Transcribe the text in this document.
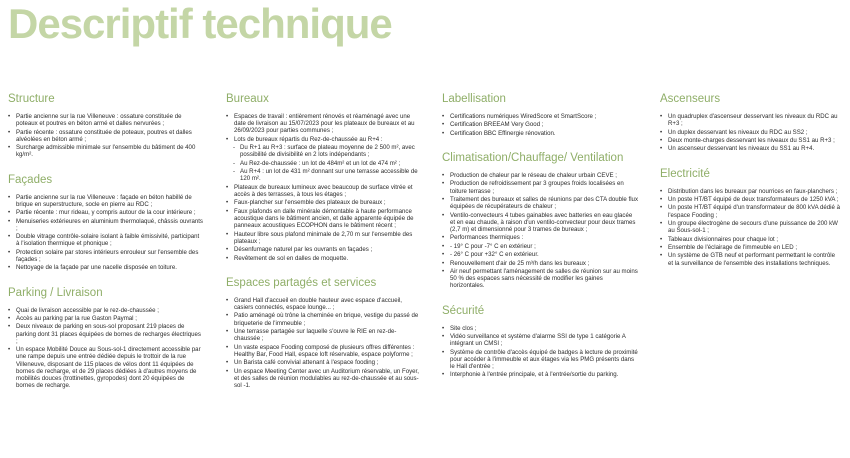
Descriptif technique
Structure
• Partie ancienne sur la rue Villeneuve : ossature constituée de poteaux et poutres en béton armé et dalles nervurées ;
• Partie récente : ossature constituée de poteaux, poutres et dalles alvéolées en béton armé ;
• Surcharge admissible minimale sur l'ensemble du bâtiment de 400 kg/m².
Façades
• Partie ancienne sur la rue Villeneuve : façade en béton habillé de brique en superstructure, socle en pierre au RDC ;
• Partie récente : mur rideau, y compris autour de la cour intérieure ;
• Menuiseries extérieures en aluminium thermolaqué, châssis ouvrants ;
• Double vitrage contrôle-solaire isolant à faible émissivité, participant à l'isolation thermique et phonique ;
• Protection solaire par stores intérieurs enrouleur sur l'ensemble des façades ;
• Nettoyage de la façade par une nacelle disposée en toiture.
Parking / Livraison
• Quai de livraison accessible par le rez-de-chaussée ;
• Accès au parking par la rue Gaston Paymal ;
• Deux niveaux de parking en sous-sol proposant 219 places de parking dont 31 places équipées de bornes de recharges électriques ;
• Un espace Mobilité Douce au Sous-sol-1 directement accessible par une rampe depuis une entrée dédiée depuis le trottoir de la rue Villeneuve, disposant de 115 places de vélos dont 11 équipées de bornes de recharge, et de 29 places dédiées à d'autres moyens de mobilités douces (trottinettes, gyropodes) dont 20 équipées de bornes de recharge.
Bureaux
• Espaces de travail : entièrement rénovés et réaménagé avec une date de livraison au 15/07/2023 pour les plateaux de bureaux et au 26/09/2023 pour parties communes ;
• Lots de bureaux répartis du Rez-de-chaussée au R+4 :
- Du R+1 au R+3 : surface de plateau moyenne de 2 500 m², avec possibilité de divisibilité en 2 lots indépendants ;
- Au Rez-de-chaussée : un lot de 484m² et un lot de 474 m² ;
- Au R+4 : un lot de 431 m² donnant sur une terrasse accessible de 120 m².
• Plateaux de bureaux lumineux avec beaucoup de surface vitrée et accès à des terrasses, à tous les étages ;
• Faux-plancher sur l'ensemble des plateaux de bureaux ;
• Faux plafonds en dalle minérale démontable à haute performance acoustique dans le bâtiment ancien, et dalle apparente équipée de panneaux acoustiques ECOPHON dans le bâtiment récent ;
• Hauteur libre sous plafond minimale de 2,70 m sur l'ensemble des plateaux ;
• Désenfumage naturel par les ouvrants en façades ;
• Revêtement de sol en dalles de moquette.
Espaces partagés et services
• Grand Hall d'accueil en double hauteur avec espace d'accueil, casiers connectés, espace lounge... ;
• Patio aménagé où trône la cheminée en brique, vestige du passé de briqueterie de l'immeuble ;
• Une terrasse partagée sur laquelle s'ouvre le RIE en rez-de-chaussée ;
• Un vaste espace Fooding composé de plusieurs offres différentes : Healthy Bar, Food Hall, espace loft réservable, espace polyforme ;
• Un Barista café convivial attenant à l'espace fooding ;
• Un espace Meeting Center avec un Auditorium réservable, un Foyer, et des salles de réunion modulables au rez-de-chaussée et au sous-sol -1.
Labellisation
• Certifications numériques WiredScore et SmartScore ;
• Certification BREEAM Very Good ;
• Certification BBC Effinergie rénovation.
Climatisation/Chauffage/ Ventilation
• Production de chaleur par le réseau de chaleur urbain CEVE ;
• Production de refroidissement par 3 groupes froids localisées en toiture terrasse ;
• Traitement des bureaux et salles de réunions par des CTA double flux équipées de récupérateurs de chaleur ;
• Ventilo-convecteurs 4 tubes gainables avec batteries en eau glacée et en eau chaude, à raison d'un ventilo-convecteur pour deux trames (2,7 m) et dimensionné pour 3 trames de bureaux ;
• Performances thermiques :
• - 19° C pour -7° C en extérieur ;
• - 26° C pour +32° C en extérieur.
• Renouvellement d'air de 25 m³/h dans les bureaux ;
• Air neuf permettant l'aménagement de salles de réunion sur au moins 50 % des espaces sans nécessité de modifier les gaines horizontales.
Sécurité
• Site clos ;
• Vidéo surveillance et système d'alarme SSI de type 1 catégorie A intégrant un CMSI ;
• Système de contrôle d'accès équipé de badges à lecture de proximité pour accéder à l'immeuble et aux étages via les PMG présents dans le Hall d'entrée ;
• Interphonie à l'entrée principale, et à l'entrée/sortie du parking.
Ascenseurs
• Un quadruplex d'ascenseur desservant les niveaux du RDC au R+3 ;
• Un duplex desservant les niveaux du RDC au SS2 ;
• Deux monte-charges desservant les niveaux du SS1 au R+3 ;
• Un ascenseur desservant les niveaux du SS1 au R+4.
Electricité
• Distribution dans les bureaux par nourrices en faux-planchers ;
• Un poste HT/BT équipé de deux transformateurs de 1250 kVA ;
• Un poste HT/BT équipé d'un transformateur de 800 kVA dédié à l'espace Fooding ;
• Un groupe électrogène de secours d'une puissance de 200 kW au Sous-sol-1 ;
• Tableaux divisionnaires pour chaque lot ;
• Ensemble de l'éclairage de l'immeuble en LED ;
• Un système de GTB neuf et performant permettant le contrôle et la surveillance de l'ensemble des installations techniques.
